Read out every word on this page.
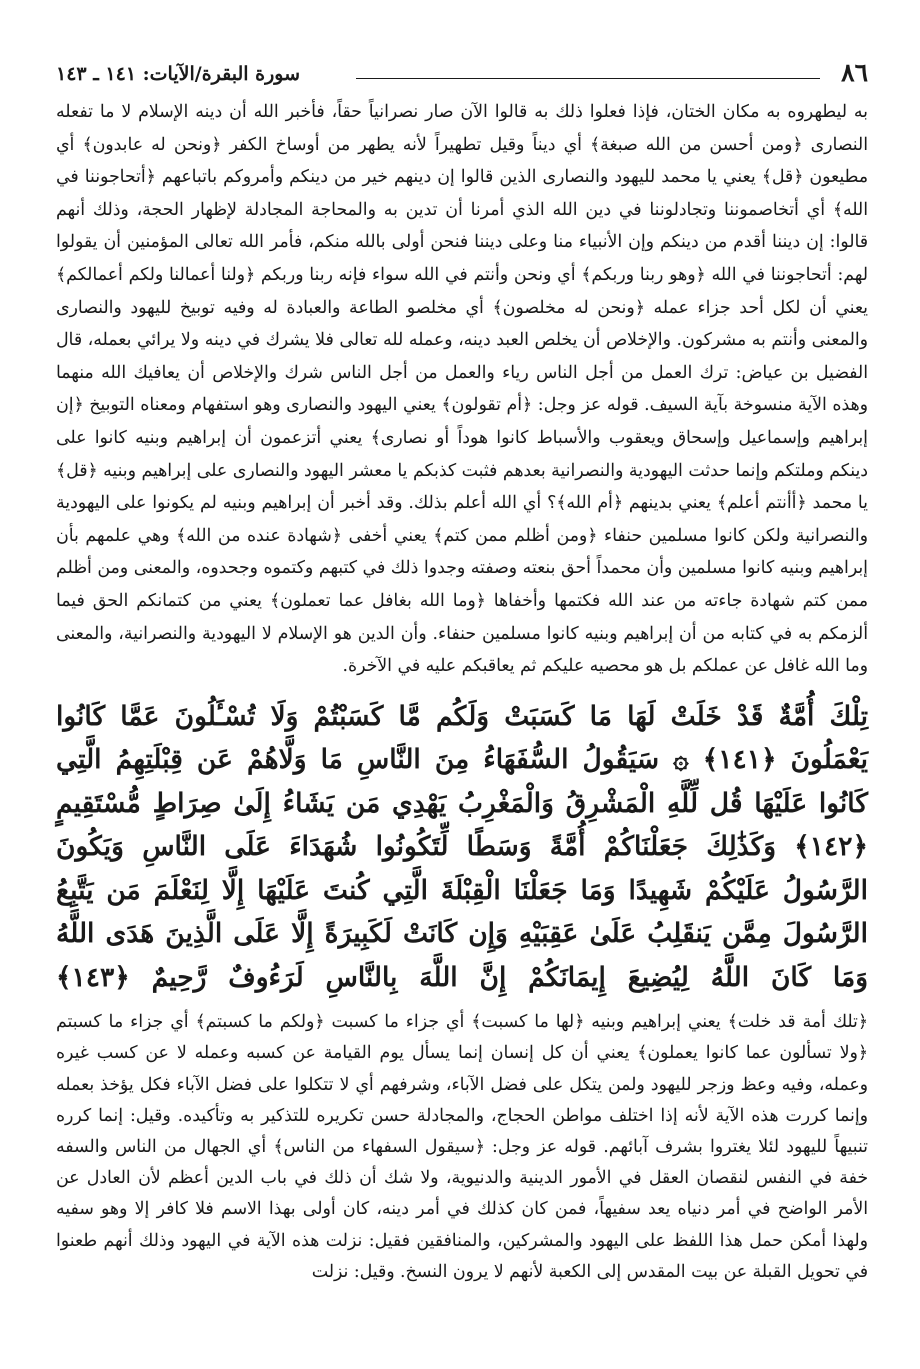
٨٦
سورة البقرة/الآيات: ١٤١ ـ ١٤٣

به ليطهروه به مكان الختان، فإذا فعلوا ذلك به قالوا الآن صار نصرانياً حقاً، فأخبر الله أن دينه الإسلام لا ما تفعله النصارى ﴿ومن أحسن من الله صبغة﴾ أي ديناً وقيل تطهيراً لأنه يطهر من أوساخ الكفر ﴿ونحن له عابدون﴾ أي مطيعون ﴿قل﴾ يعني يا محمد لليهود والنصارى الذين قالوا إن دينهم خير من دينكم وأمروكم باتباعهم ﴿أتحاجوننا في الله﴾ أي أتخاصموننا وتجادلوننا في دين الله الذي أمرنا أن تدين به والمحاجة المجادلة لإظهار الحجة، وذلك أنهم قالوا: إن ديننا أقدم من دينكم وإن الأنبياء منا وعلى ديننا فنحن أولى بالله منكم، فأمر الله تعالى المؤمنين أن يقولوا لهم: أتحاجوننا في الله ﴿وهو ربنا وربكم﴾ أي ونحن وأنتم في الله سواء فإنه ربنا وربكم ﴿ولنا أعمالنا ولكم أعمالكم﴾ يعني أن لكل أحد جزاء عمله ﴿ونحن له مخلصون﴾ أي مخلصو الطاعة والعبادة له وفيه توبيخ لليهود والنصارى والمعنى وأنتم به مشركون. والإخلاص أن يخلص العبد دينه، وعمله لله تعالى فلا يشرك في دينه ولا يرائي بعمله، قال الفضيل بن عياض: ترك العمل من أجل الناس رياء والعمل من أجل الناس شرك والإخلاص أن يعافيك الله منهما وهذه الآية منسوخة بآية السيف. قوله عز وجل: ﴿أم تقولون﴾ يعني اليهود والنصارى وهو استفهام ومعناه التوبيخ ﴿إن إبراهيم وإسماعيل وإسحاق ويعقوب والأسباط كانوا هوداً أو نصارى﴾ يعني أتزعمون أن إبراهيم وبنيه كانوا على دينكم وملتكم وإنما حدثت اليهودية والنصرانية بعدهم فثبت كذبكم يا معشر اليهود والنصارى على إبراهيم وبنيه ﴿قل﴾ يا محمد ﴿أأنتم أعلم﴾ يعني بدينهم ﴿أم الله﴾؟ أي الله أعلم بذلك. وقد أخبر أن إبراهيم وبنيه لم يكونوا على اليهودية والنصرانية ولكن كانوا مسلمين حنفاء ﴿ومن أظلم ممن كتم﴾ يعني أخفى ﴿شهادة عنده من الله﴾ وهي علمهم بأن إبراهيم وبنيه كانوا مسلمين وأن محمداً أحق بنعته وصفته وجدوا ذلك في كتبهم وكتموه وجحدوه، والمعنى ومن أظلم ممن كتم شهادة جاءته من عند الله فكتمها وأخفاها ﴿وما الله بغافل عما تعملون﴾ يعني من كتمانكم الحق فيما ألزمكم به في كتابه من أن إبراهيم وبنيه كانوا مسلمين حنفاء. وأن الدين هو الإسلام لا اليهودية والنصرانية، والمعنى وما الله غافل عن عملكم بل هو محصيه عليكم ثم يعاقبكم عليه في الآخرة.

تِلْكَ أُمَّةٌ قَدْ خَلَتْ لَهَا مَا كَسَبَتْ وَلَكُم مَّا كَسَبْتُمْ وَلَا تُسْـَٔلُونَ عَمَّا كَانُوا يَعْمَلُونَ ﴿١٤١﴾ ۞ سَيَقُولُ السُّفَهَاءُ مِنَ النَّاسِ مَا وَلَّاهُمْ عَن قِبْلَتِهِمُ الَّتِي كَانُوا عَلَيْهَا قُل لِّلَّهِ الْمَشْرِقُ وَالْمَغْرِبُ يَهْدِي مَن يَشَاءُ إِلَىٰ صِرَاطٍ مُّسْتَقِيمٍ ﴿١٤٢﴾ وَكَذَٰلِكَ جَعَلْنَاكُمْ أُمَّةً وَسَطًا لِّتَكُونُوا شُهَدَاءَ عَلَى النَّاسِ وَيَكُونَ الرَّسُولُ عَلَيْكُمْ شَهِيدًا وَمَا جَعَلْنَا الْقِبْلَةَ الَّتِي كُنتَ عَلَيْهَا إِلَّا لِنَعْلَمَ مَن يَتَّبِعُ الرَّسُولَ مِمَّن يَنقَلِبُ عَلَىٰ عَقِبَيْهِ وَإِن كَانَتْ لَكَبِيرَةً إِلَّا عَلَى الَّذِينَ هَدَى اللَّهُ وَمَا كَانَ اللَّهُ لِيُضِيعَ إِيمَانَكُمْ إِنَّ اللَّهَ بِالنَّاسِ لَرَءُوفٌ رَّحِيمٌ ﴿١٤٣﴾

﴿تلك أمة قد خلت﴾ يعني إبراهيم وبنيه ﴿لها ما كسبت﴾ أي جزاء ما كسبت ﴿ولكم ما كسبتم﴾ أي جزاء ما كسبتم ﴿ولا تسألون عما كانوا يعملون﴾ يعني أن كل إنسان إنما يسأل يوم القيامة عن كسبه وعمله لا عن كسب غيره وعمله، وفيه وعظ وزجر لليهود ولمن يتكل على فضل الآباء، وشرفهم أي لا تتكلوا على فضل الآباء فكل يؤخذ بعمله وإنما كررت هذه الآية لأنه إذا اختلف مواطن الحجاج، والمجادلة حسن تكريره للتذكير به وتأكيده. وقيل: إنما كرره تنبيهاً لليهود لئلا يغتروا بشرف آبائهم. قوله عز وجل: ﴿سيقول السفهاء من الناس﴾ أي الجهال من الناس والسفه خفة في النفس لنقصان العقل في الأمور الدينية والدنيوية، ولا شك أن ذلك في باب الدين أعظم لأن العادل عن الأمر الواضح في أمر دنياه يعد سفيهاً، فمن كان كذلك في أمر دينه، كان أولى بهذا الاسم فلا كافر إلا وهو سفيه ولهذا أمكن حمل هذا اللفظ على اليهود والمشركين، والمنافقين فقيل: نزلت هذه الآية في اليهود وذلك أنهم طعنوا في تحويل القبلة عن بيت المقدس إلى الكعبة لأنهم لا يرون النسخ. وقيل: نزلت
